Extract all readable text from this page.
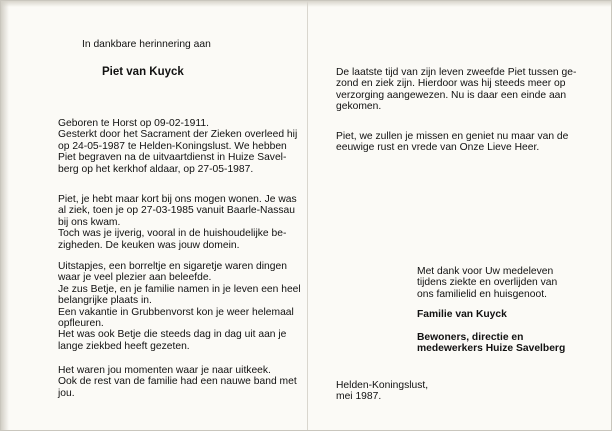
In dankbare herinnering aan

Piet van Kuyck

Geboren te Horst op 09-02-1911.
Gesterkt door het Sacrament der Zieken overleed hij
op 24-05-1987 te Helden-Koningslust. We hebben
Piet begraven na de uitvaartdienst in Huize Savel-
berg op het kerkhof aldaar, op 27-05-1987.

Piet, je hebt maar kort bij ons mogen wonen. Je was
al ziek, toen je op 27-03-1985 vanuit Baarle-Nassau
bij ons kwam.
Toch was je ijverig, vooral in de huishoudelijke be-
zigheden. De keuken was jouw domein.

Uitstapjes, een borreltje en sigaretje waren dingen
waar je veel plezier aan beleefde.
Je zus Betje, en je familie namen in je leven een heel
belangrijke plaats in.
Een vakantie in Grubbenvorst kon je weer helemaal
opfleuren.
Het was ook Betje die steeds dag in dag uit aan je
lange ziekbed heeft gezeten.

Het waren jou momenten waar je naar uitkeek.
Ook de rest van de familie had een nauwe band met
jou.

De laatste tijd van zijn leven zweefde Piet tussen ge-
zond en ziek zijn. Hierdoor was hij steeds meer op
verzorging aangewezen. Nu is daar een einde aan
gekomen.

Piet, we zullen je missen en geniet nu maar van de
eeuwige rust en vrede van Onze Lieve Heer.

Met dank voor Uw medeleven
tijdens ziekte en overlijden van
ons familielid en huisgenoot.

Familie van Kuyck

Bewoners, directie en
medewerkers Huize Savelberg

Helden-Koningslust,
mei 1987.
